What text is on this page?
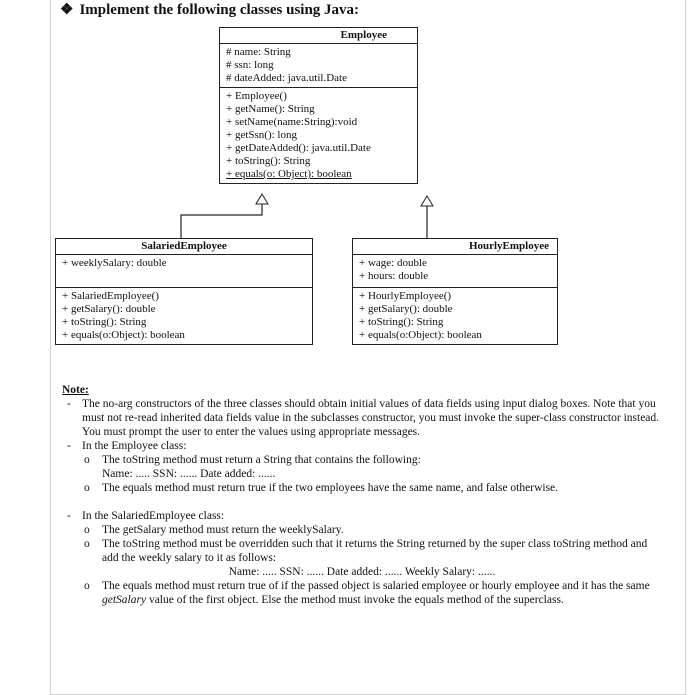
❖ Implement the following classes using Java:
Employee
# name: String
# ssn: long
# dateAdded: java.util.Date
+ Employee()
+ getName(): String
+ setName(name:String):void
+ getSsn(): long
+ getDateAdded(): java.util.Date
+ toString(): String
+ equals(o: Object): boolean
SalariedEmployee
+ weeklySalary: double
+ SalariedEmployee()
+ getSalary(): double
+ toString(): String
+ equals(o:Object): boolean
HourlyEmployee
+ wage: double
+ hours: double
+ HourlyEmployee()
+ getSalary(): double
+ toString(): String
+ equals(o:Object): boolean
Note:
- The no-arg constructors of the three classes should obtain initial values of data fields using input dialog boxes. Note that you must not re-read inherited data fields value in the subclasses constructor, you must invoke the super-class constructor instead. You must prompt the user to enter the values using appropriate messages.
- In the Employee class:
o The toString method must return a String that contains the following:
Name: ..... SSN: ...... Date added: ......
o The equals method must return true if the two employees have the same name, and false otherwise.
- In the SalariedEmployee class:
o The getSalary method must return the weeklySalary.
o The toString method must be overridden such that it returns the String returned by the super class toString method and add the weekly salary to it as follows:
Name: ..... SSN: ...... Date added: ...... Weekly Salary: ......
o The equals method must return true of if the passed object is salaried employee or hourly employee and it has the same getSalary value of the first object. Else the method must invoke the equals method of the superclass.
